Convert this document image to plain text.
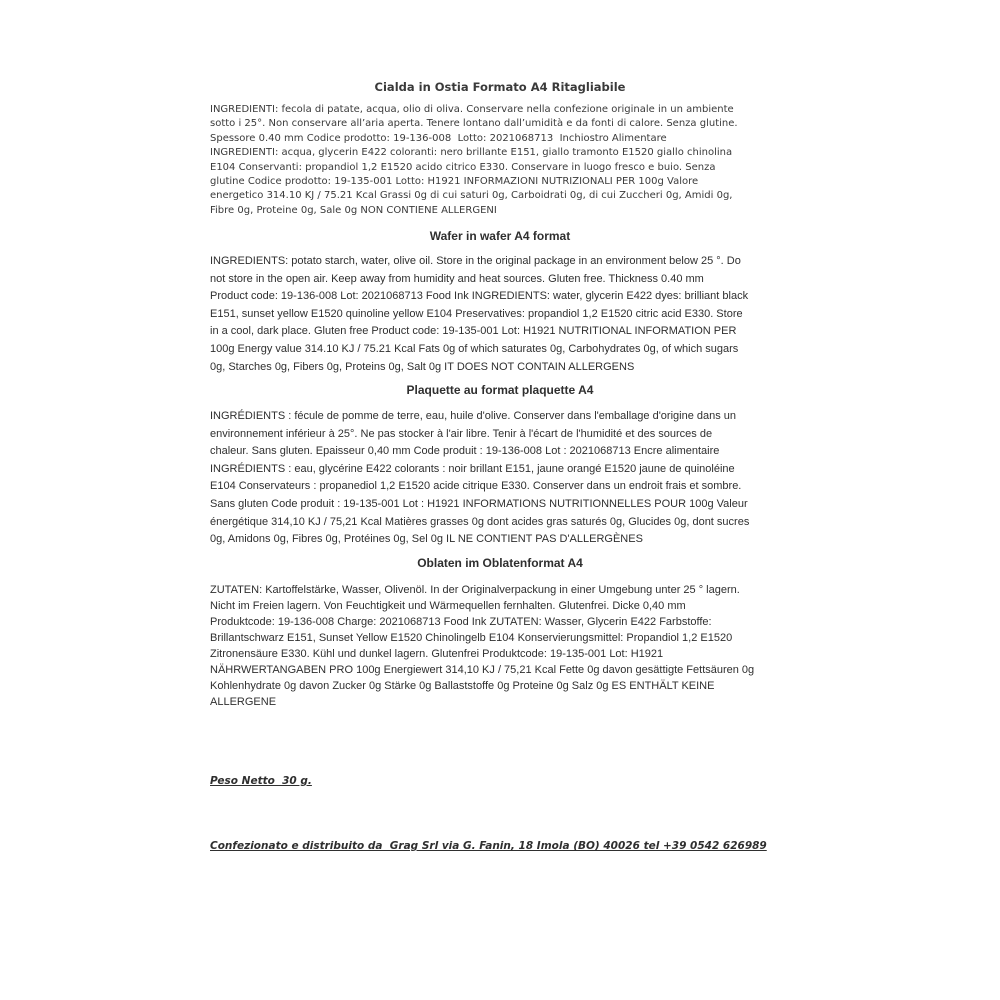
Cialda in Ostia Formato A4 Ritagliabile
INGREDIENTI: fecola di patate, acqua, olio di oliva. Conservare nella confezione originale in un ambiente
sotto i 25°. Non conservare all’aria aperta. Tenere lontano dall’umidità e da fonti di calore. Senza glutine.
Spessore 0.40 mm Codice prodotto: 19-136-008  Lotto: 2021068713  Inchiostro Alimentare
INGREDIENTI: acqua, glycerin E422 coloranti: nero brillante E151, giallo tramonto E1520 giallo chinolina
E104 Conservanti: propandiol 1,2 E1520 acido citrico E330. Conservare in luogo fresco e buio. Senza
glutine Codice prodotto: 19-135-001 Lotto: H1921 INFORMAZIONI NUTRIZIONALI PER 100g Valore
energetico 314.10 KJ / 75.21 Kcal Grassi 0g di cui saturi 0g, Carboidrati 0g, di cui Zuccheri 0g, Amidi 0g,
Fibre 0g, Proteine 0g, Sale 0g NON CONTIENE ALLERGENI
Wafer in wafer A4 format
INGREDIENTS: potato starch, water, olive oil. Store in the original package in an environment below 25 °. Do
not store in the open air. Keep away from humidity and heat sources. Gluten free. Thickness 0.40 mm
Product code: 19-136-008 Lot: 2021068713 Food Ink INGREDIENTS: water, glycerin E422 dyes: brilliant black
E151, sunset yellow E1520 quinoline yellow E104 Preservatives: propandiol 1,2 E1520 citric acid E330. Store
in a cool, dark place. Gluten free Product code: 19-135-001 Lot: H1921 NUTRITIONAL INFORMATION PER
100g Energy value 314.10 KJ / 75.21 Kcal Fats 0g of which saturates 0g, Carbohydrates 0g, of which sugars
0g, Starches 0g, Fibers 0g, Proteins 0g, Salt 0g IT DOES NOT CONTAIN ALLERGENS
Plaquette au format plaquette A4
INGRÉDIENTS : fécule de pomme de terre, eau, huile d'olive. Conserver dans l'emballage d'origine dans un
environnement inférieur à 25°. Ne pas stocker à l'air libre. Tenir à l'écart de l'humidité et des sources de
chaleur. Sans gluten. Epaisseur 0,40 mm Code produit : 19-136-008 Lot : 2021068713 Encre alimentaire
INGRÉDIENTS : eau, glycérine E422 colorants : noir brillant E151, jaune orangé E1520 jaune de quinoléine
E104 Conservateurs : propanediol 1,2 E1520 acide citrique E330. Conserver dans un endroit frais et sombre.
Sans gluten Code produit : 19-135-001 Lot : H1921 INFORMATIONS NUTRITIONNELLES POUR 100g Valeur
énergétique 314,10 KJ / 75,21 Kcal Matières grasses 0g dont acides gras saturés 0g, Glucides 0g, dont sucres
0g, Amidons 0g, Fibres 0g, Protéines 0g, Sel 0g IL NE CONTIENT PAS D'ALLERGÈNES
Oblaten im Oblatenformat A4
ZUTATEN: Kartoffelstärke, Wasser, Olivenöl. In der Originalverpackung in einer Umgebung unter 25 ° lagern.
Nicht im Freien lagern. Von Feuchtigkeit und Wärmequellen fernhalten. Glutenfrei. Dicke 0,40 mm
Produktcode: 19-136-008 Charge: 2021068713 Food Ink ZUTATEN: Wasser, Glycerin E422 Farbstoffe:
Brillantschwarz E151, Sunset Yellow E1520 Chinolingelb E104 Konservierungsmittel: Propandiol 1,2 E1520
Zitronensäure E330. Kühl und dunkel lagern. Glutenfrei Produktcode: 19-135-001 Lot: H1921
NÄHRWERTANGABEN PRO 100g Energiewert 314,10 KJ / 75,21 Kcal Fette 0g davon gesättigte Fettsäuren 0g
Kohlenhydrate 0g davon Zucker 0g Stärke 0g Ballaststoffe 0g Proteine 0g Salz 0g ES ENTHÄLT KEINE
ALLERGENE
Peso Netto  30 g.
Confezionato e distribuito da  Grag Srl via G. Fanin, 18 Imola (BO) 40026 tel +39 0542 626989
